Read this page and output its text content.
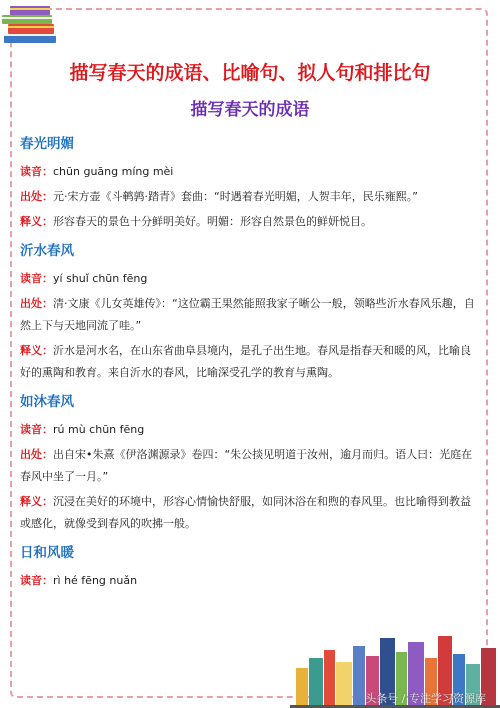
描写春天的成语、比喻句、拟人句和排比句
描写春天的成语
春光明媚
读音：chūn guāng míng mèi
出处：元·宋方壶《斗鹌鹑·踏青》套曲：“时遇着春光明媚，人贺丰年，民乐雍熙。”
释义：形容春天的景色十分鲜明美好。明媚：形容自然景色的鲜妍悦目。
沂水春风
读音：yí shuǐ chūn fēng
出处：清·文康《儿女英雄传》：“这位霸王果然能照我家子晰公一般，领略些沂水春风乐趣，自然上下与天地同流了哇。”
释义：沂水是河水名，在山东省曲阜县境内，是孔子出生地。春风是指春天和暖的风，比喻良好的熏陶和教育。来自沂水的春风，比喻深受孔学的教育与熏陶。
如沐春风
读音：rú mù chūn fēng
出处：出自宋•朱熹《伊洛渊源录》卷四：“朱公掞见明道于汝州，逾月而归。语人曰：光庭在春风中坐了一月。”
释义：沉浸在美好的环境中，形容心情愉快舒服，如同沐浴在和煦的春风里。也比喻得到教益或感化，就像受到春风的吹拂一般。
日和风暖
读音：rì hé fēng nuǎn
头条号 / 专注学习资源库
